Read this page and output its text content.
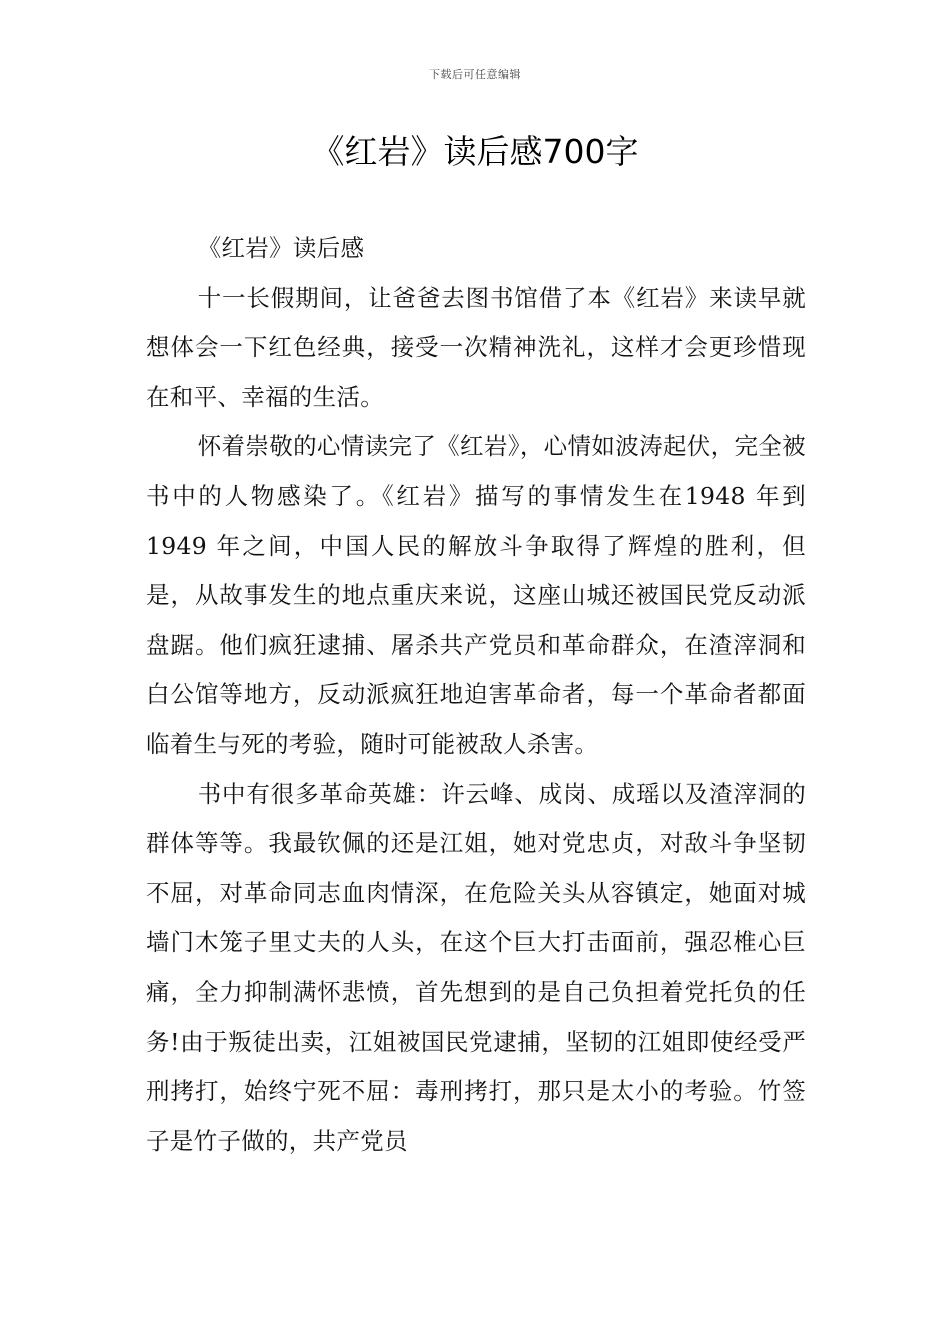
下载后可任意编辑
《红岩》读后感700字

《红岩》读后感

十一长假期间，让爸爸去图书馆借了本《红岩》来读早就想体会一下红色经典，接受一次精神洗礼，这样才会更珍惜现在和平、幸福的生活。

怀着崇敬的心情读完了《红岩》，心情如波涛起伏，完全被书中的人物感染了。《红岩》描写的事情发生在1948 年到1949 年之间，中国人民的解放斗争取得了辉煌的胜利，但是，从故事发生的地点重庆来说，这座山城还被国民党反动派盘踞。他们疯狂逮捕、屠杀共产党员和革命群众，在渣滓洞和白公馆等地方，反动派疯狂地迫害革命者，每一个革命者都面临着生与死的考验，随时可能被敌人杀害。

书中有很多革命英雄：许云峰、成岗、成瑶以及渣滓洞的群体等等。我最钦佩的还是江姐，她对党忠贞，对敌斗争坚韧不屈，对革命同志血肉情深，在危险关头从容镇定，她面对城墙门木笼子里丈夫的人头，在这个巨大打击面前，强忍椎心巨痛，全力抑制满怀悲愤，首先想到的是自己负担着党托负的任务!由于叛徒出卖，江姐被国民党逮捕，坚韧的江姐即使经受严刑拷打，始终宁死不屈：毒刑拷打，那只是太小的考验。竹签子是竹子做的，共产党员
